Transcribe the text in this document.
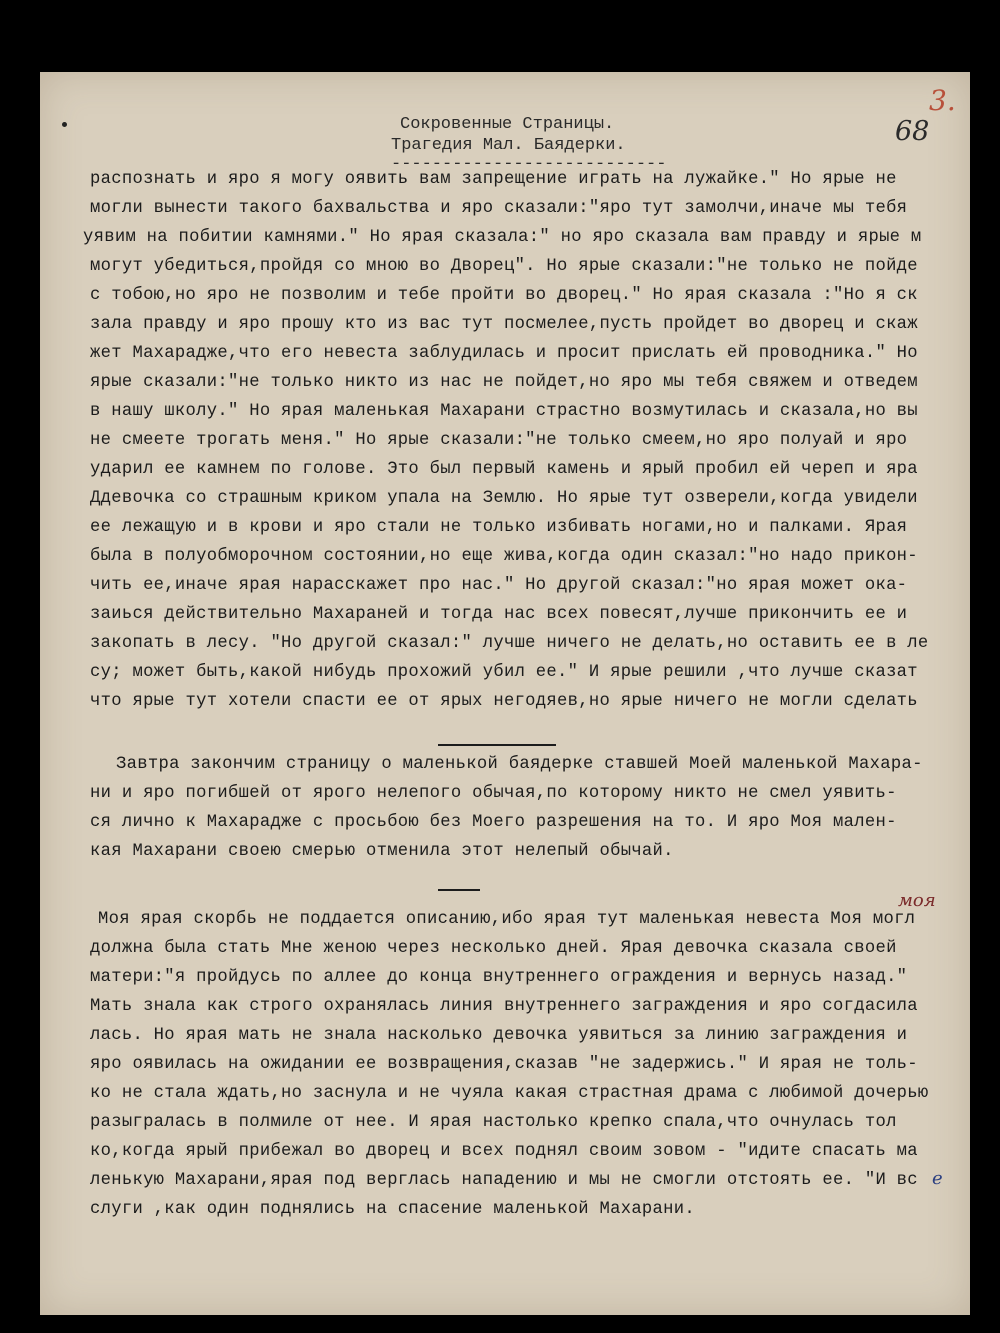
Сокровенные Страницы.
Трагедия Мал. Баядерки.
---------------------------
3.
68
распознать и яро я могу оявить вам запрещение играть на лужайке." Но ярые не
могли вынести такого бахвальства и яро сказали:"яро тут замолчи,иначе мы тебя
уявим на побитии камнями." Но ярая сказала:" но яро сказала вам правду и ярые м
могут убедиться,пройдя со мною во Дворец". Но ярые сказали:"не только не пойде
с тобою,но яро не позволим и тебе пройти во дворец." Но ярая сказала :"Но я ск
зала правду и яро прошу кто из вас тут посмелее,пусть пройдет во дворец и скаж
жет Махарадже,что его невеста заблудилась и просит прислать ей проводника." Но
ярые сказали:"не только никто из нас не пойдет,но яро мы тебя свяжем и отведем
в нашу школу." Но ярая маленькая Махарани страстно возмутилась и сказала,но вы
не смеете трогать меня." Но ярые сказали:"не только смеем,но яро полуай и яро
ударил ее камнем по голове. Это был первый камень и ярый пробил ей череп и яра
Ддевочка со страшным криком упала на Землю. Но ярые тут озверели,когда увидели
ее лежащую и в крови и яро стали не только избивать ногами,но и палками. Ярая
была в полуобморочном состоянии,но еще жива,когда один сказал:"но надо прикон-
чить ее,иначе ярая нарасскажет про нас." Но другой сказал:"но ярая может ока-
заиься действительно Махараней и тогда нас всех повесят,лучше прикончить ее и
закопать в лесу. "Но другой сказал:" лучше ничего не делать,но оставить ее в ле
су; может быть,какой нибудь прохожий убил ее." И ярые решили ,что лучше сказат
что ярые тут хотели спасти ее от ярых негодяев,но ярые ничего не могли сделать
Завтра закончим страницу о маленькой баядерке ставшей Моей маленькой Махара-
ни и яро погибшей от ярого нелепого обычая,по которому никто не смел уявить-
ся лично к Махарадже с просьбою без Моего разрешения на то. И яро Моя мален-
кая Махарани своею смерью отменила этот нелепый обычай.
Моя ярая скорбь не поддается описанию,ибо ярая тут маленькая невеста Моя могл
должна была стать Мне женою через несколько дней. Ярая девочка сказала своей
матери:"я пройдусь по аллее до конца внутреннего ограждения и вернусь назад."
Мать знала как строго охранялась линия внутреннего заграждения и яро согдасила
лась. Но ярая мать не знала насколько девочка уявиться за линию заграждения и
яро оявилась на ожидании ее возвращения,сказав "не задержись." И ярая не толь-
ко не стала ждать,но заснула и не чуяла какая страстная драма с любимой дочерью
разыгралась в полмиле от нее. И ярая настолько крепко спала,что очнулась тол
ко,когда ярый прибежал во дворец и всех поднял своим зовом - "идите спасать ма
ленькую Махарани,ярая под верглась нападению и мы не смогли отстоять ее. "И вс
слуги ,как один поднялись на спасение маленькой Махарани.
моя
е
